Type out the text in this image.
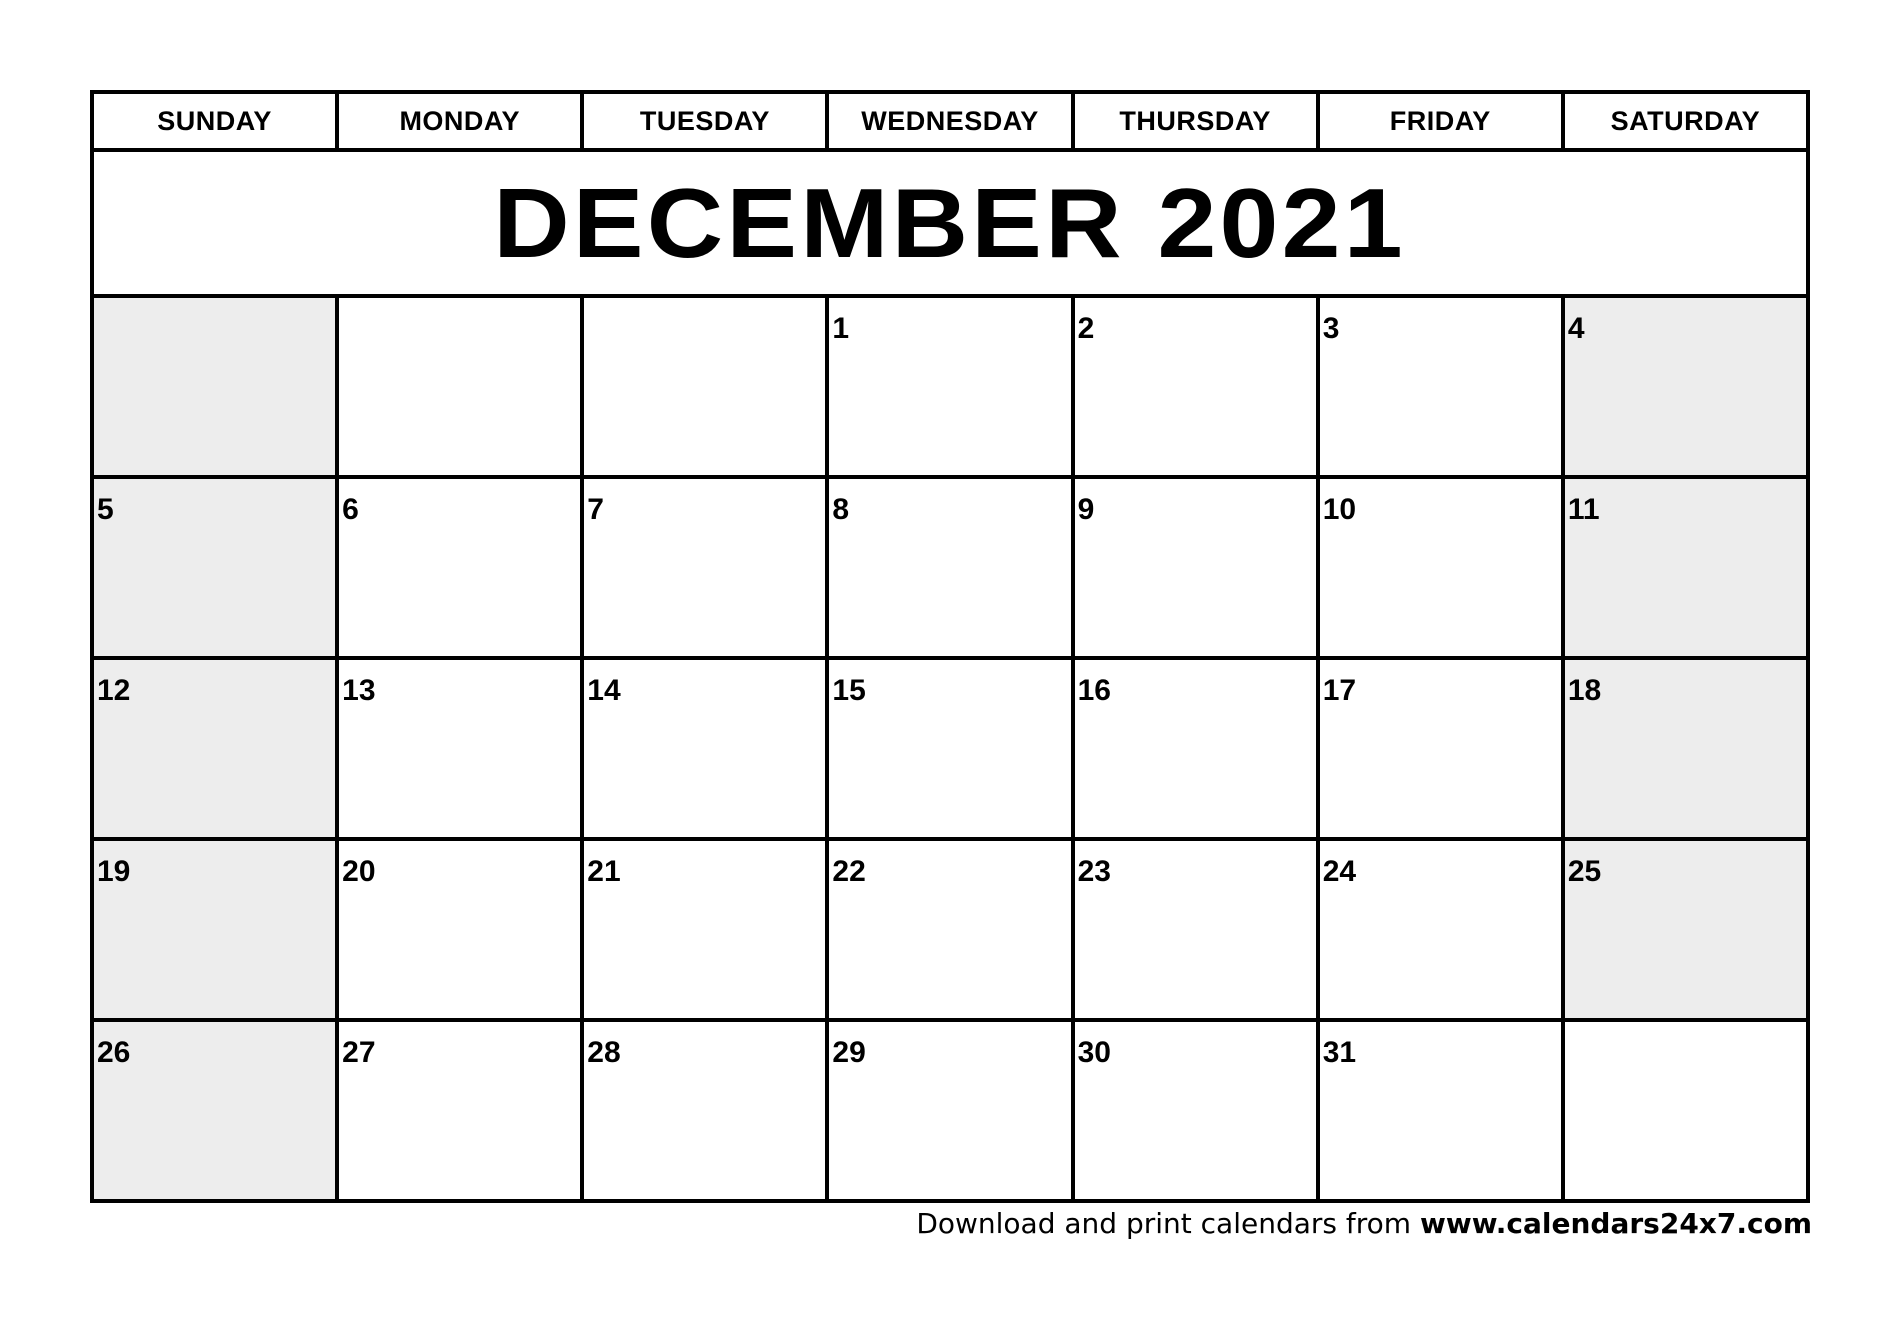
SUNDAY	MONDAY	TUESDAY	WEDNESDAY	THURSDAY	FRIDAY	SATURDAY
DECEMBER 2021						

			1	2	3	4

5	6	7	8	9	10	11

12	13	14	15	16	17	18

19	20	21	22	23	24	25

26	27	28	29	30	31	

Download and print calendars from www.calendars24x7.com
